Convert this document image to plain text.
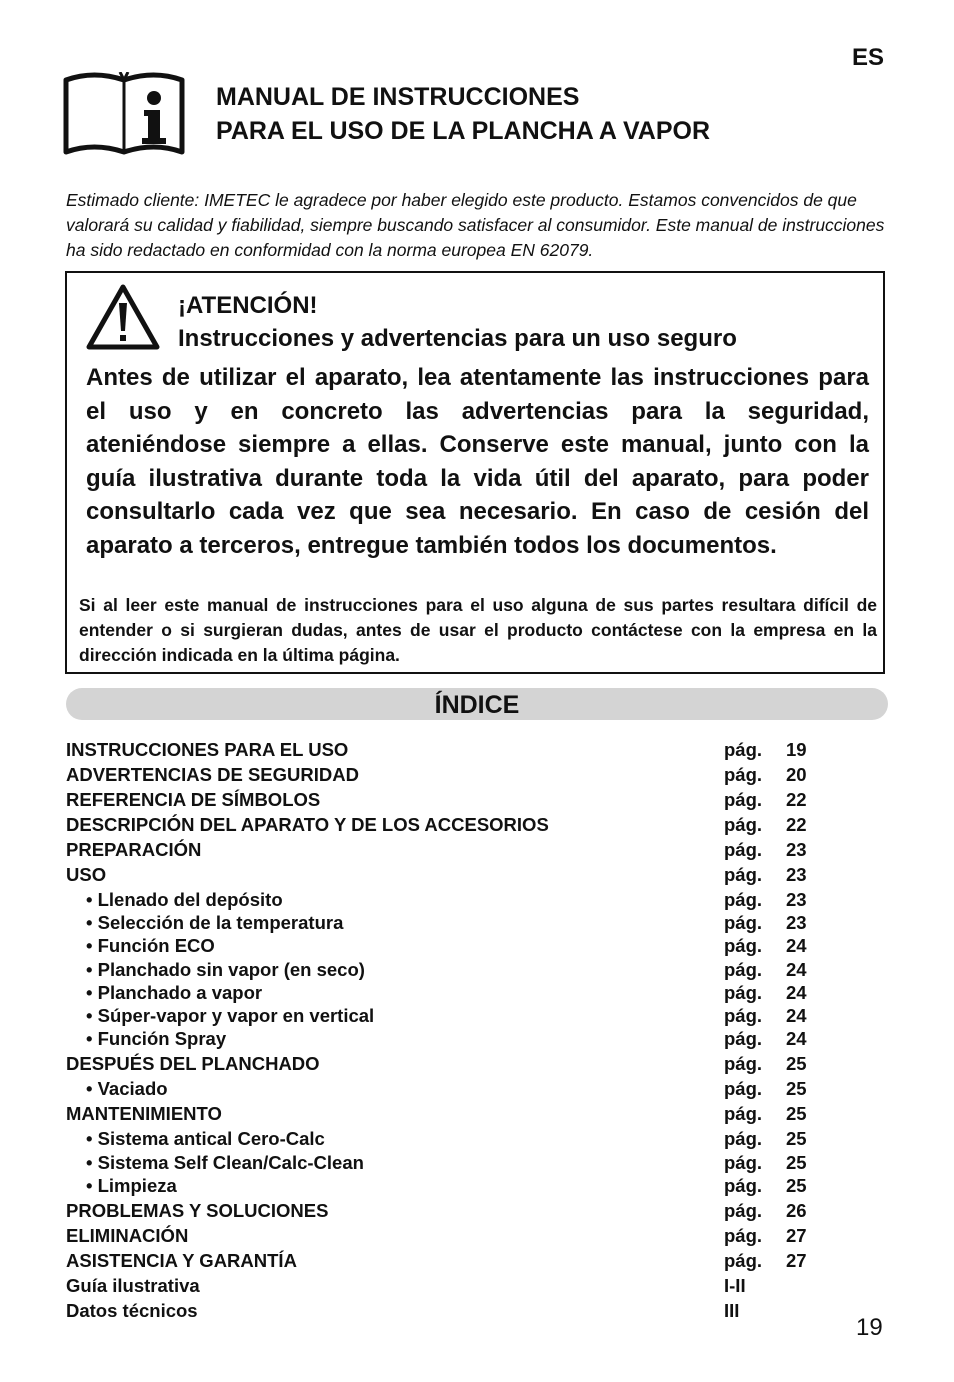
ES
MANUAL DE INSTRUCCIONES
PARA EL USO DE LA PLANCHA A VAPOR
Estimado cliente: IMETEC le agradece por haber elegido este producto. Estamos convencidos de que valorará su calidad y fiabilidad, siempre buscando satisfacer al consumidor. Este manual de instrucciones ha sido redactado en conformidad con la norma europea EN 62079.
¡ATENCIÓN!
Instrucciones y advertencias para un uso seguro

Antes de utilizar el aparato, lea atentamente las instrucciones para el uso y en concreto las advertencias para la seguridad, ateniéndose siempre a ellas. Conserve este manual, junto con la guía ilustrativa durante toda la vida útil del aparato, para poder consultarlo cada vez que sea necesario. En caso de cesión del aparato a terceros, entregue también todos los documentos.

Si al leer este manual de instrucciones para el uso alguna de sus partes resultara difícil de entender o si surgieran dudas, antes de usar el producto contáctese con la empresa en la dirección indicada en la última página.

ÍNDICE
INSTRUCCIONES PARA EL USO	pág. 19
ADVERTENCIAS DE SEGURIDAD	pág. 20
REFERENCIA DE SÍMBOLOS	pág. 22
DESCRIPCIÓN DEL APARATO Y DE LOS ACCESORIOS	pág. 22
PREPARACIÓN	pág. 23
USO	pág. 23
• Llenado del depósito	pág. 23
• Selección de la temperatura	pág. 23
• Función ECO	pág. 24
• Planchado sin vapor (en seco)	pág. 24
• Planchado a vapor	pág. 24
• Súper-vapor y vapor en vertical	pág. 24
• Función Spray	pág. 24
DESPUÉS DEL PLANCHADO	pág. 25
• Vaciado	pág. 25
MANTENIMIENTO	pág. 25
• Sistema antical Cero-Calc	pág. 25
• Sistema Self Clean/Calc-Clean	pág. 25
• Limpieza	pág. 25
PROBLEMAS Y SOLUCIONES	pág. 26
ELIMINACIÓN	pág. 27
ASISTENCIA Y GARANTÍA	pág. 27
Guía ilustrativa	I-II
Datos técnicos	III
19
